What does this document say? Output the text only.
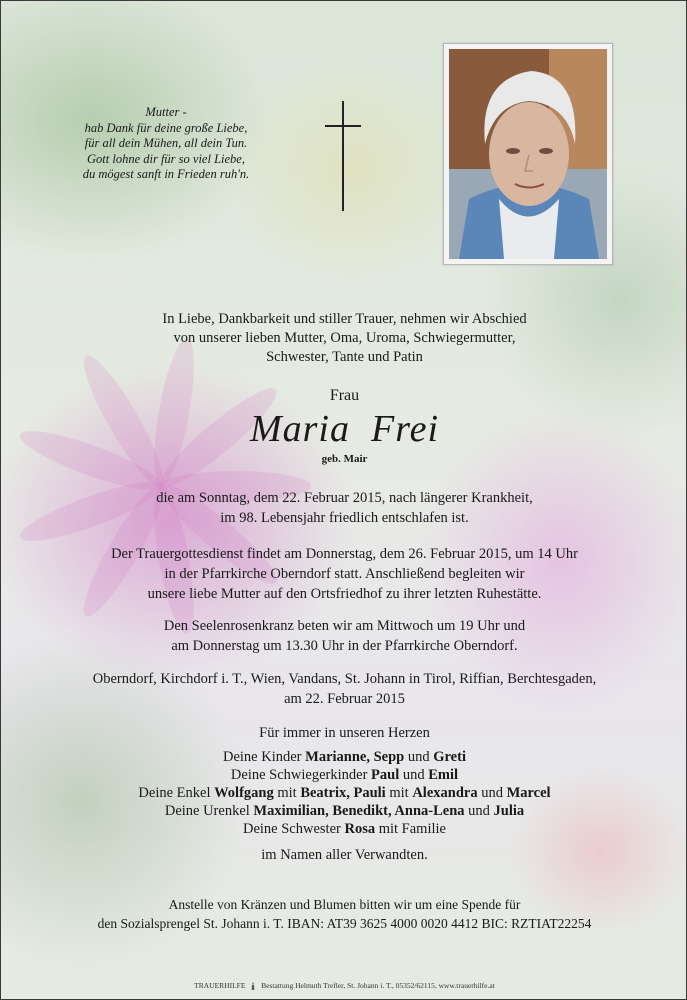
Mutter -
hab Dank für deine große Liebe,
für all dein Mühen, all dein Tun.
Gott lohne dir für so viel Liebe,
du mögest sanft in Frieden ruh'n.
In Liebe, Dankbarkeit und stiller Trauer, nehmen wir Abschied
von unserer lieben Mutter, Oma, Uroma, Schwiegermutter,
Schwester, Tante und Patin
Frau
Maria  Frei
geb. Mair
die am Sonntag, dem 22. Februar 2015, nach längerer Krankheit,
im 98. Lebensjahr friedlich entschlafen ist.
Der Trauergottesdienst findet am Donnerstag, dem 26. Februar 2015, um 14 Uhr
in der Pfarrkirche Oberndorf statt. Anschließend begleiten wir
unsere liebe Mutter auf den Ortsfriedhof zu ihrer letzten Ruhestätte.
Den Seelenrosenkranz beten wir am Mittwoch um 19 Uhr und
am Donnerstag um 13.30 Uhr in der Pfarrkirche Oberndorf.
Oberndorf, Kirchdorf i. T., Wien, Vandans, St. Johann in Tirol, Riffian, Berchtesgaden,
am 22. Februar 2015
Für immer in unseren Herzen
Deine Kinder Marianne, Sepp und Greti
Deine Schwiegerkinder Paul und Emil
Deine Enkel Wolfgang mit Beatrix, Pauli mit Alexandra und Marcel
Deine Urenkel Maximilian, Benedikt, Anna-Lena und Julia
Deine Schwester Rosa mit Familie
im Namen aller Verwandten.
Anstelle von Kränzen und Blumen bitten wir um eine Spende für
den Sozialsprengel St. Johann i. T. IBAN: AT39 3625 4000 0020 4412 BIC: RZTIAT22254
TRAUERHILFE Bestattung Helmuth Trefler, St. Johann i. T., 05352/62115, www.trauerhilfe.at
